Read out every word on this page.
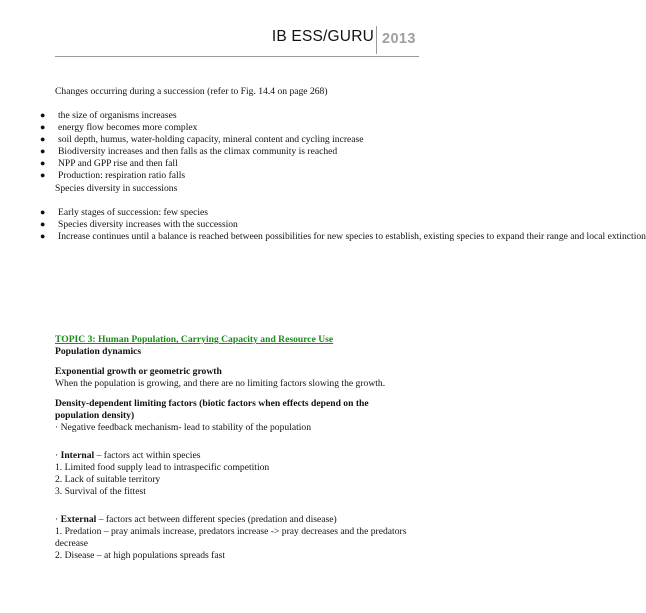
IB ESS/GURU 2013
Changes occurring during a succession (refer to Fig. 14.4 on page 268)
● the size of organisms increases
● energy flow becomes more complex
● soil depth, humus, water-holding capacity, mineral content and cycling increase
● Biodiversity increases and then falls as the climax community is reached
● NPP and GPP rise and then fall
● Production: respiration ratio falls
Species diversity in successions
● Early stages of succession: few species
● Species diversity increases with the succession
● Increase continues until a balance is reached between possibilities for new species to establish, existing species to expand their range and local extinction
TOPIC 3: Human Population, Carrying Capacity and Resource Use
Population dynamics
Exponential growth or geometric growth
When the population is growing, and there are no limiting factors slowing the growth.
Density-dependent limiting factors (biotic factors when effects depend on the population density)
· Negative feedback mechanism- lead to stability of the population
· Internal – factors act within species
1. Limited food supply lead to intraspecific competition
2. Lack of suitable territory
3. Survival of the fittest
· External – factors act between different species (predation and disease)
1. Predation – pray animals increase, predators increase -> pray decreases and the predators decrease
2. Disease – at high populations spreads fast
